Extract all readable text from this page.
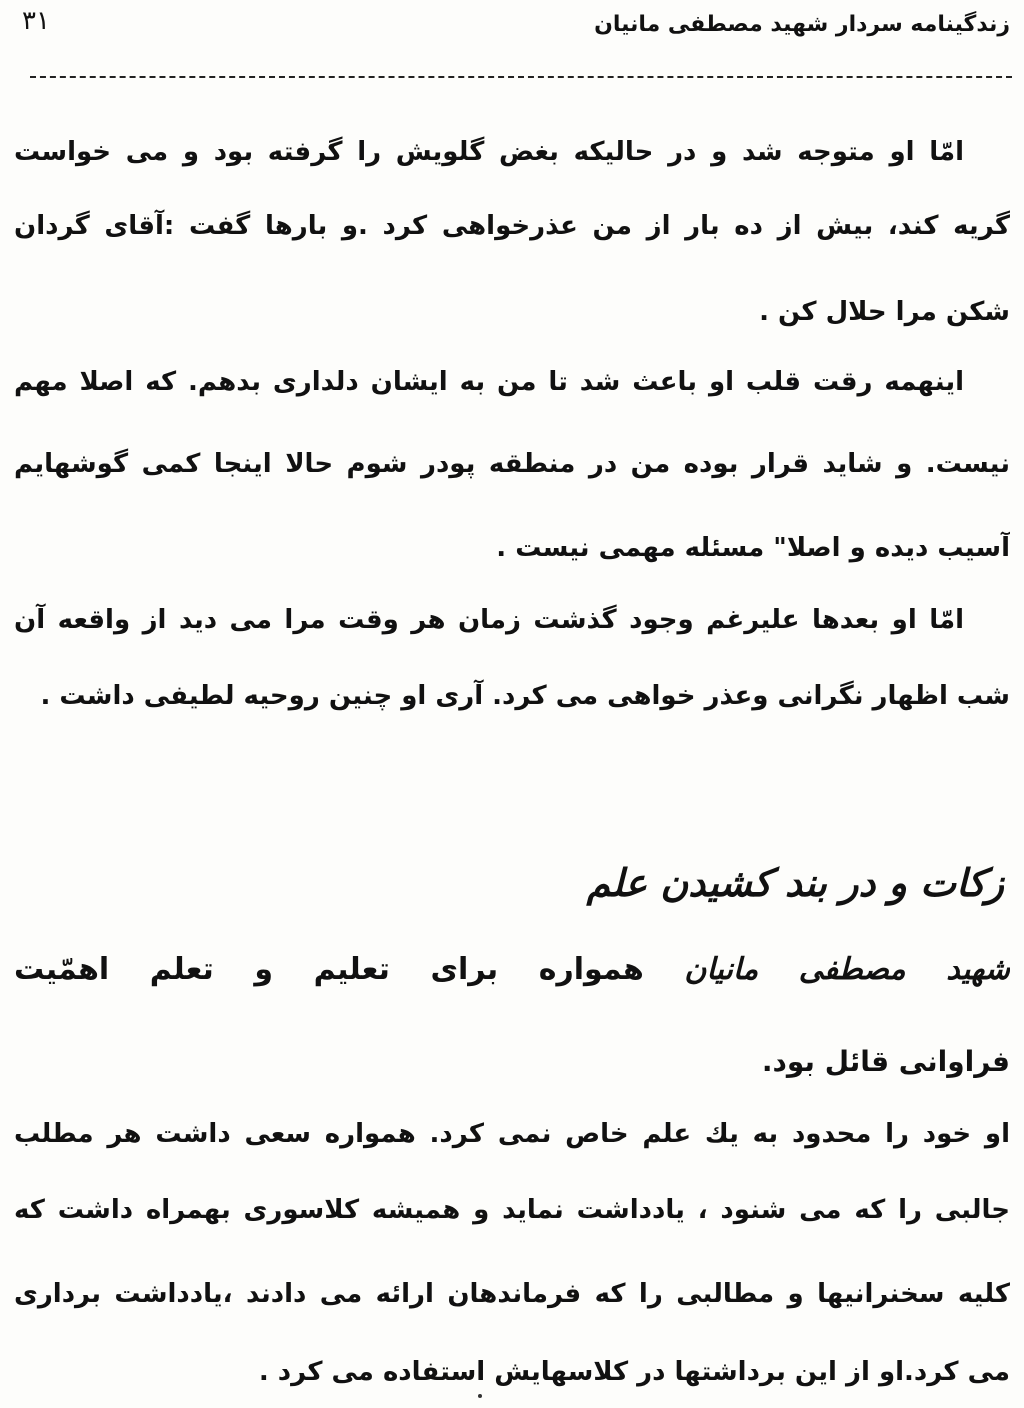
۳۱	زندگینامه سردار شهید مصطفی مانیان
امّا او متوجه شد و در حالیکه بغض گلویش را گرفته بود و می خواست
گریه کند، بیش از ده بار از من عذرخواهی کرد .و بارها گفت :آقای گردان
شکن مرا حلال کن .
اینهمه رقت قلب او باعث شد تا من به ایشان دلداری بدهم. که اصلا مهم
نیست. و شاید قرار بوده من در منطقه پودر شوم حالا اینجا کمی گوشهایم
آسیب دیده و اصلا" مسئله مهمی نیست .
امّا او بعدها علیرغم وجود گذشت زمان هر وقت مرا می دید از واقعه آن
شب اظهار نگرانی وعذر خواهی می کرد. آری او چنین روحیه لطیفی داشت .
زکات و در بند کشیدن علم
شهید مصطفی مانیان همواره برای تعلیم و تعلم اهمّیت
فراوانی قائل بود.
او خود را محدود به یك علم خاص نمی کرد. همواره سعی داشت هر مطلب
جالبی را که می شنود ، یادداشت نماید و همیشه کلاسوری بهمراه داشت که
کلیه سخنرانیها و مطالبی را که فرماندهان ارائه می دادند ،یادداشت برداری
می کرد.او از این برداشتها در کلاسهایش استفاده می کرد .
